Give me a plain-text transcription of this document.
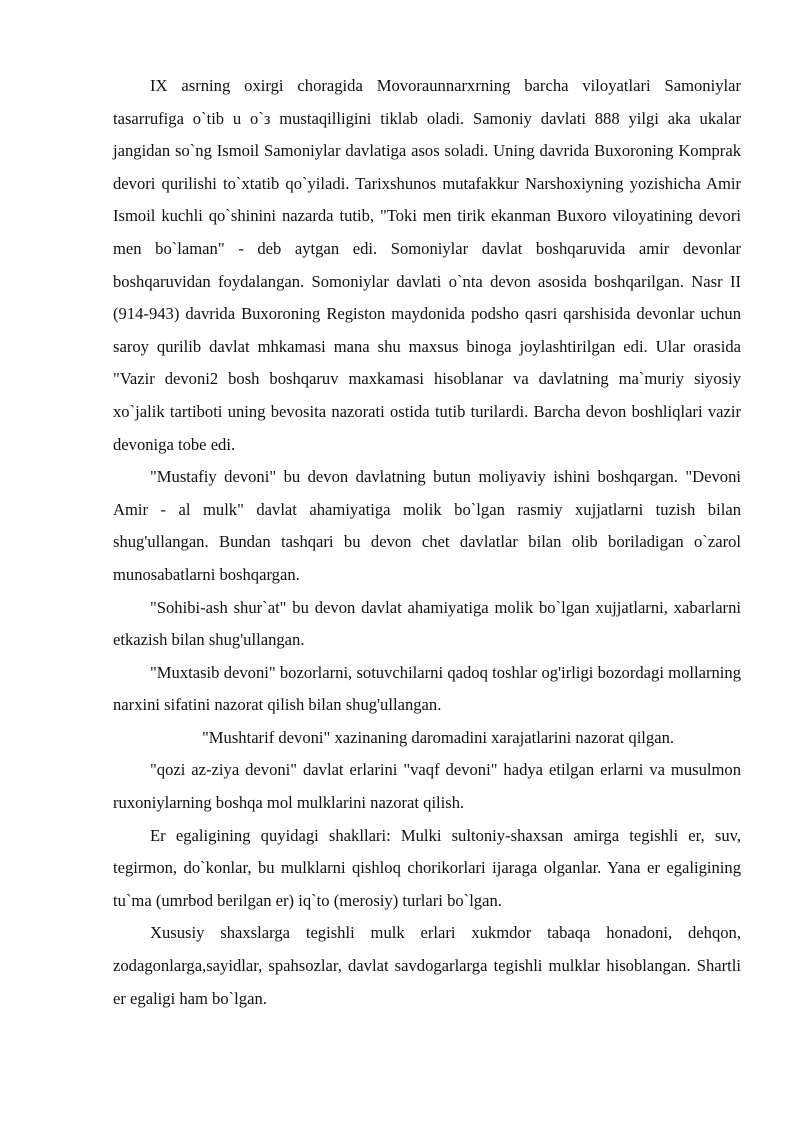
IX asrning oxirgi choragida Movoraunnarxrning barcha viloyatlari Samoniylar tasarrufiga o`tib u o`з mustaqilligini tiklab oladi. Samoniy davlati 888 yilgi aka ukalar jangidan so`ng Ismoil Samoniylar davlatiga asos soladi. Uning davrida Buxoroning Komprak devori qurilishi to`xtatib qo`yiladi. Tarixshunos mutafakkur Narshoxiyning yozishicha Amir Ismoil kuchli qo`shinini nazarda tutib, "Toki men tirik ekanman Buxoro viloyatining devori men bo`laman" - deb aytgan edi. Somoniylar davlat boshqaruvida amir devonlar boshqaruvidan foydalangan. Somoniylar davlati o`nta devon asosida boshqarilgan. Nasr II (914-943) davrida Buxoroning Registon maydonida podsho qasri qarshisida devonlar uchun saroy qurilib davlat mhkamasi mana shu maxsus binoga joylashtirilgan edi. Ular orasida "Vazir devoni2 bosh boshqaruv maxkamasi hisoblanar va davlatning ma`muriy siyosiy xo`jalik tartiboti uning bevosita nazorati ostida tutib turilardi. Barcha devon boshliqlari vazir devoniga tobe edi.

"Mustafiy devoni" bu devon davlatning butun moliyaviy ishini boshqargan. "Devoni Amir - al mulk" davlat ahamiyatiga molik bo`lgan rasmiy xujjatlarni tuzish bilan shug'ullangan. Bundan tashqari bu devon chet davlatlar bilan olib boriladigan o`zarol munosabatlarni boshqargan.

"Sohibi-ash shur`at" bu devon davlat ahamiyatiga molik bo`lgan xujjatlarni, xabarlarni etkazish bilan shug'ullangan.

"Muxtasib devoni" bozorlarni, sotuvchilarni qadoq toshlar og'irligi bozordagi mollarning narxini sifatini nazorat qilish bilan shug'ullangan.

"Mushtarif devoni" xazinaning daromadini xarajatlarini nazorat qilgan.

"qozi az-ziya devoni" davlat erlarini "vaqf devoni" hadya etilgan erlarni va musulmon ruxoniylarning boshqa mol mulklarini nazorat qilish.

Er egaligining quyidagi shakllari: Mulki sultoniy-shaxsan amirga tegishli er, suv, tegirmon, do`konlar, bu mulklarni qishloq chorikorlari ijaraga olganlar. Yana er egaligining tu`ma (umrbod berilgan er) iq`to (merosiy) turlari bo`lgan.

Xususiy shaxslarga tegishli mulk erlari xukmdor tabaqa honadoni, dehqon, zodagonlarga,sayidlar, spahsozlar, davlat savdogarlarga tegishli mulklar hisoblangan. Shartli er egaligi ham bo`lgan.
